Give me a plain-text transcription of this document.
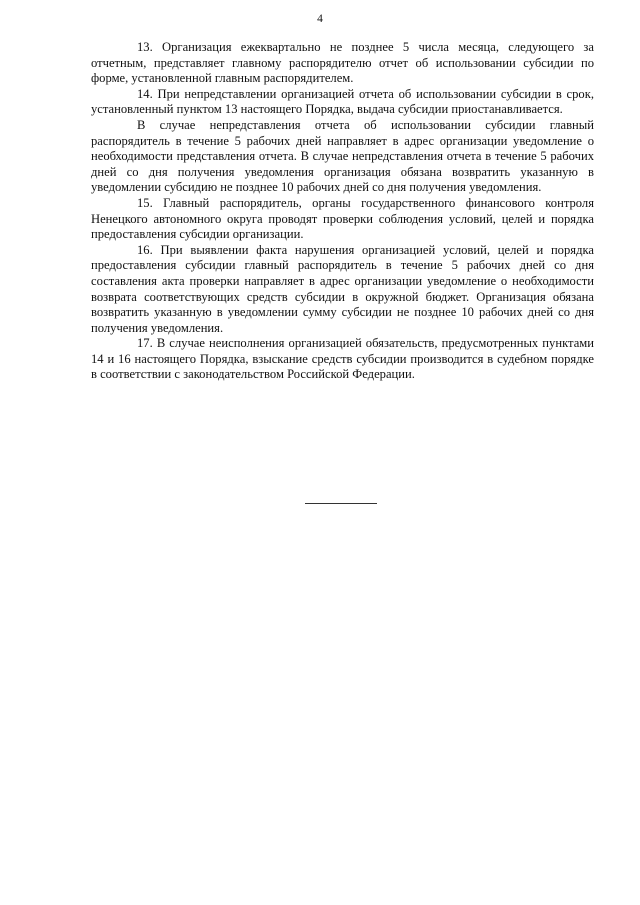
4

13. Организация ежеквартально не позднее 5 числа месяца, следующего за отчетным, представляет главному распорядителю отчет об использовании субсидии по форме, установленной главным распорядителем.

14. При непредставлении организацией отчета об использовании субсидии в срок, установленный пунктом 13 настоящего Порядка, выдача субсидии приостанавливается.

В случае непредставления отчета об использовании субсидии главный распорядитель в течение 5 рабочих дней направляет в адрес организации уведомление о необходимости представления отчета. В случае непредставления отчета в течение 5 рабочих дней со дня получения уведомления организация обязана возвратить указанную в уведомлении субсидию не позднее 10 рабочих дней со дня получения уведомления.

15. Главный распорядитель, органы государственного финансового контроля Ненецкого автономного округа проводят проверки соблюдения условий, целей и порядка предоставления субсидии организации.

16. При выявлении факта нарушения организацией условий, целей и порядка предоставления субсидии главный распорядитель в течение 5 рабочих дней со дня составления акта проверки направляет в адрес организации уведомление о необходимости возврата соответствующих средств субсидии в окружной бюджет. Организация обязана возвратить указанную в уведомлении сумму субсидии не позднее 10 рабочих дней со дня получения уведомления.

17. В случае неисполнения организацией обязательств, предусмотренных пунктами 14 и 16 настоящего Порядка, взыскание средств субсидии производится в судебном порядке в соответствии с законодательством Российской Федерации.
